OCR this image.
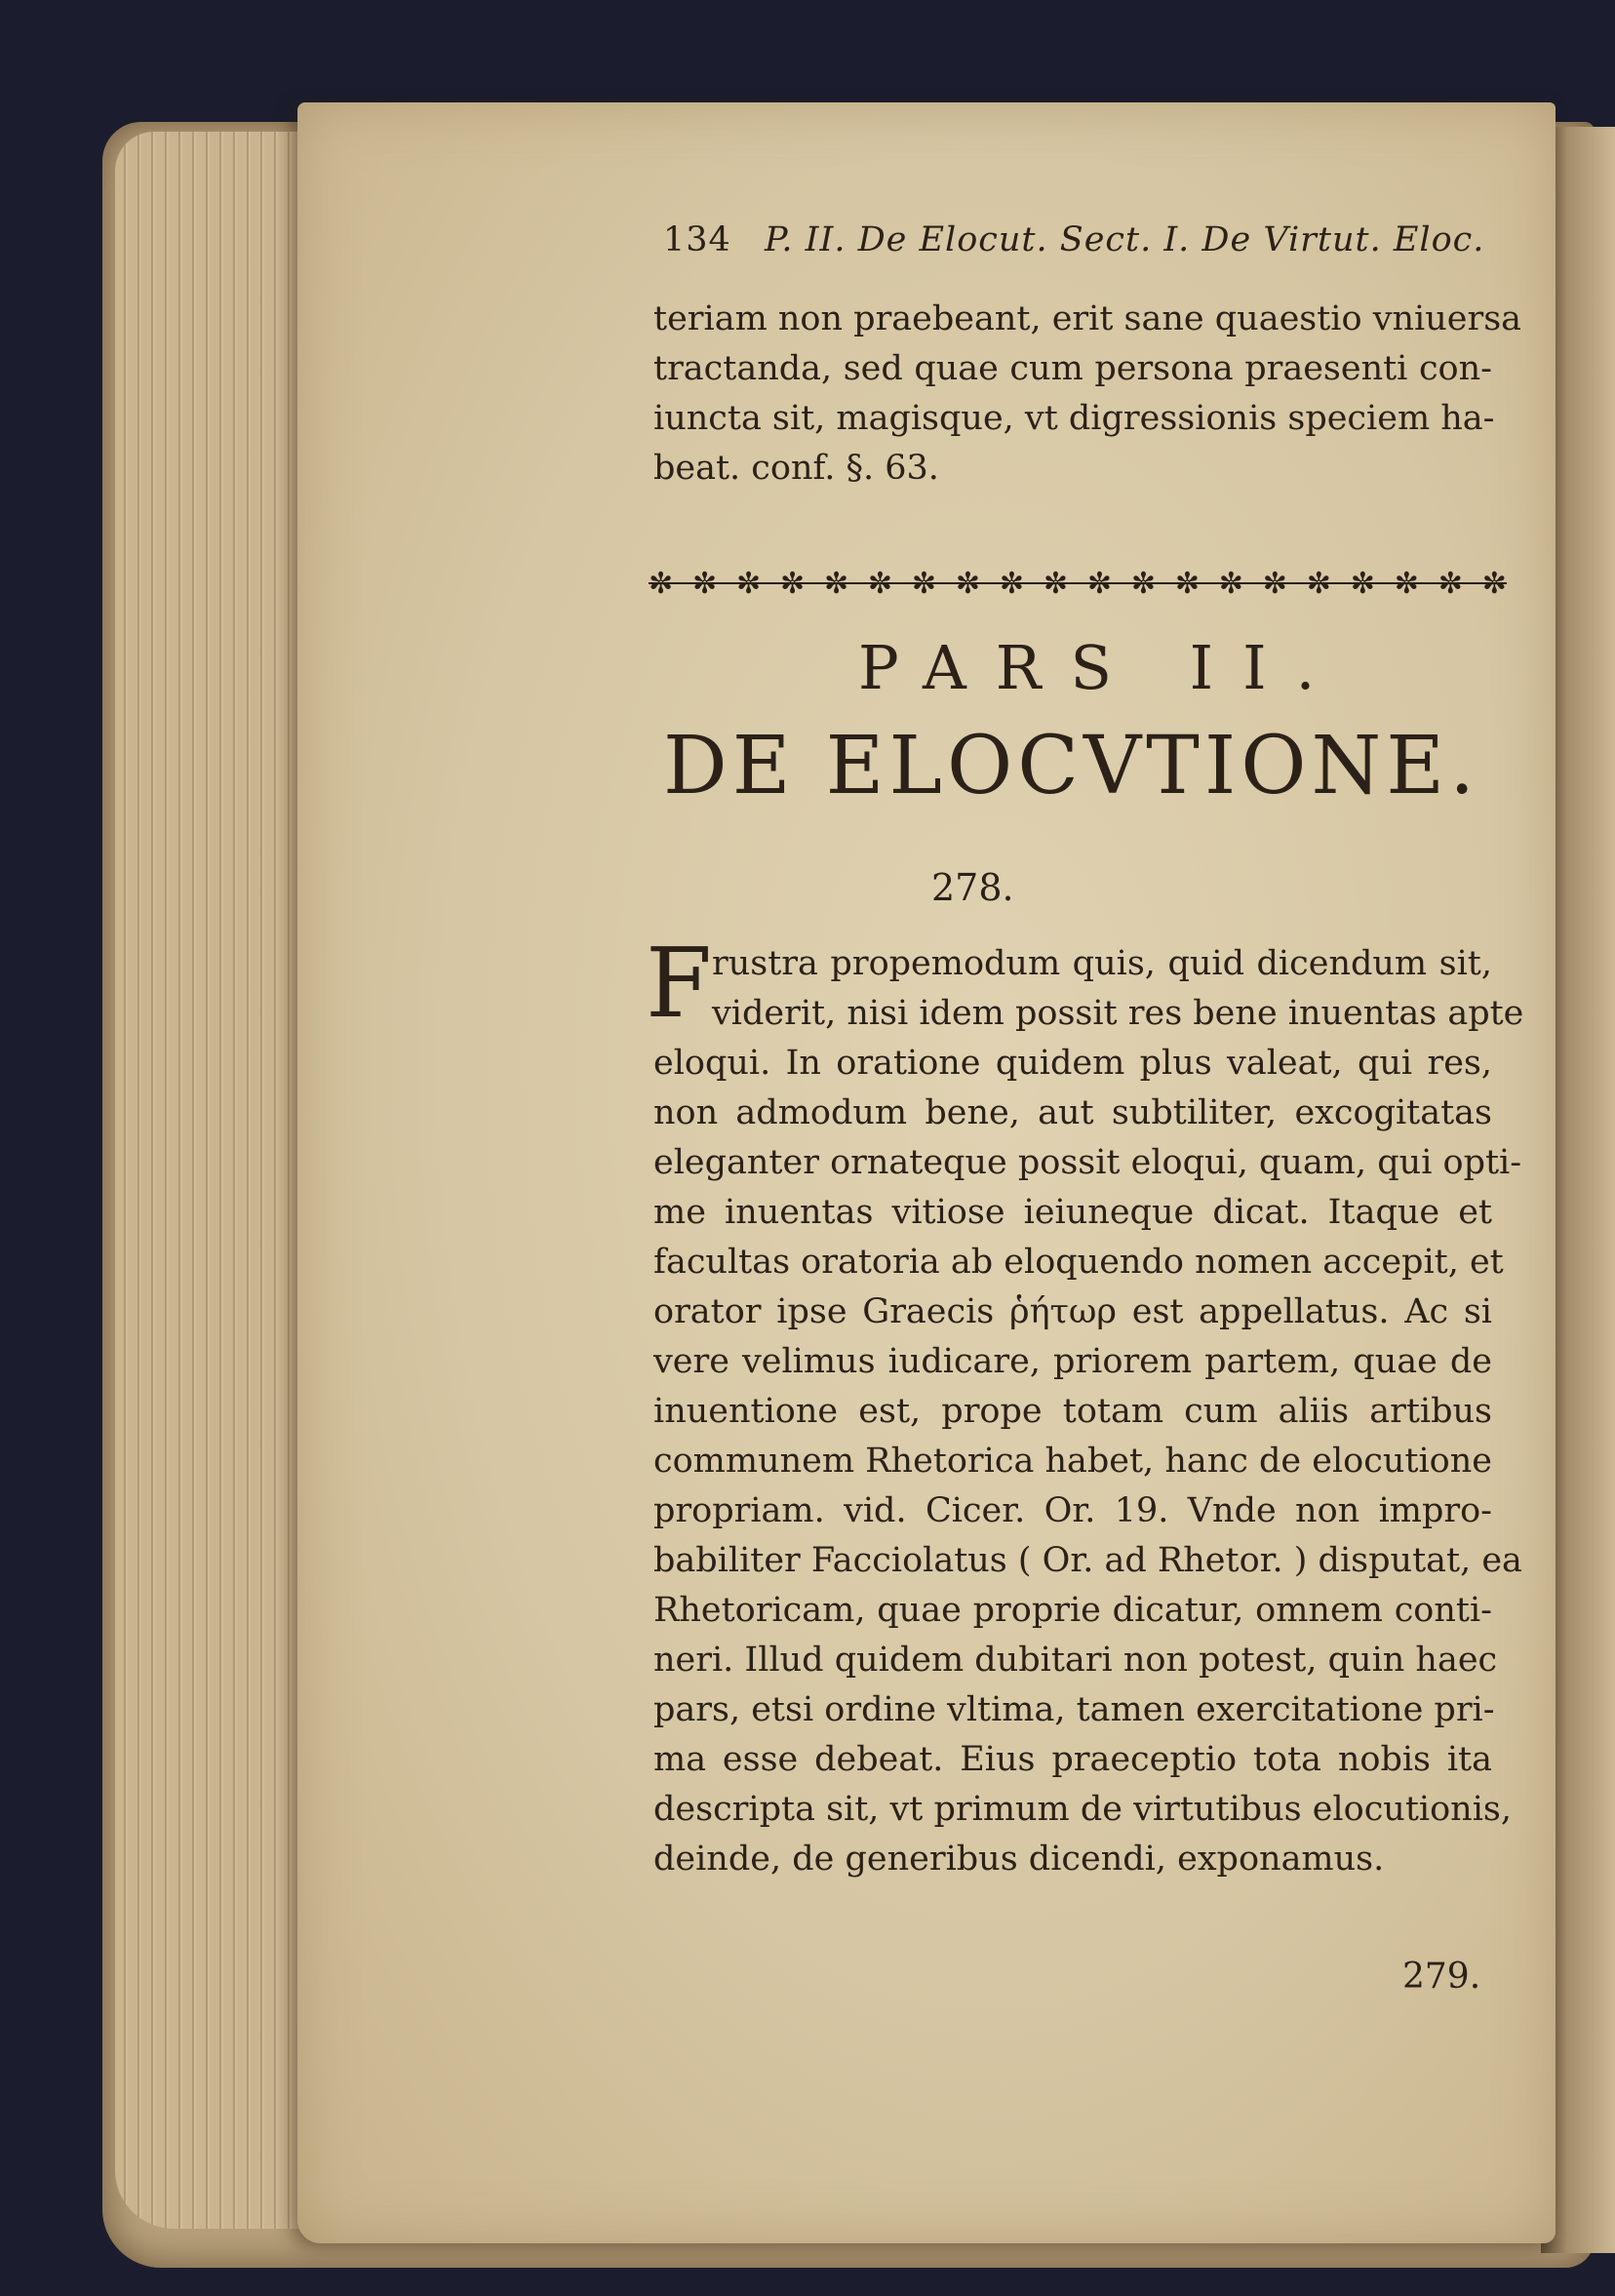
134 P. II. De Elocut. Sect. I. De Virtut. Eloc.
teriam non praebeant, erit sane quaestio vniuersa
tractanda, sed quae cum persona praesenti con-
iuncta sit, magisque, vt digressionis speciem ha-
beat. conf. §. 63.
✼ ✼ ✼ ✼ ✼ ✼ ✼ ✼ ✼ ✼ ✼ ✼ ✼ ✼ ✼ ✼ ✼ ✼ ✼ ✼
PARS II.
DE ELOCVTIONE.
278.
F rustra propemodum quis, quid dicendum sit,
viderit, nisi idem possit res bene inuentas apte
eloqui. In oratione quidem plus valeat, qui res,
non admodum bene, aut subtiliter, excogitatas
eleganter ornateque possit eloqui, quam, qui opti-
me inuentas vitiose ieiuneque dicat. Itaque et
facultas oratoria ab eloquendo nomen accepit, et
orator ipse Graecis ῥήτωρ est appellatus. Ac si
vere velimus iudicare, priorem partem, quae de
inuentione est, prope totam cum aliis artibus
communem Rhetorica habet, hanc de elocutione
propriam. vid. Cicer. Or. 19. Vnde non impro-
babiliter Facciolatus ( Or. ad Rhetor. ) disputat, ea
Rhetoricam, quae proprie dicatur, omnem conti-
neri. Illud quidem dubitari non potest, quin haec
pars, etsi ordine vltima, tamen exercitatione pri-
ma esse debeat. Eius praeceptio tota nobis ita
descripta sit, vt primum de virtutibus elocutionis,
deinde, de generibus dicendi, exponamus.
279.
